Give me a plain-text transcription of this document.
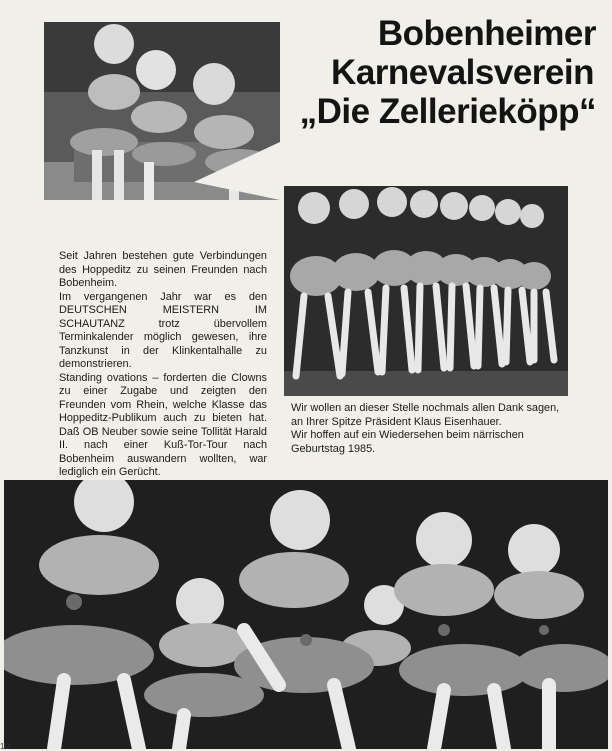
Bobenheimer
Karnevalsverein
„Die Zellerieköpp“

Seit Jahren bestehen gute Verbindungen des Hoppeditz zu seinen Freunden nach Bobenheim.

Im vergangenen Jahr war es den DEUTSCHEN MEISTERN IM SCHAUTANZ trotz übervollem Terminkalender möglich gewesen, ihre Tanzkunst in der Klinkentalhalle zu demonstrieren.

Standing ovations – forderten die Clowns zu einer Zugabe und zeigten den Freunden vom Rhein, welche Klasse das Hoppeditz-Publikum auch zu bieten hat. Daß OB Neuber sowie seine Tollität Harald II. nach einer Kuß-Tor-Tour nach Bobenheim auswandern wollten, war lediglich ein Gerücht.

Wir wollen an dieser Stelle nochmals allen Dank sagen, an Ihrer Spitze Präsident Klaus Eisenhauer.

Wir hoffen auf ein Wiedersehen beim närrischen Geburtstag 1985.

10
